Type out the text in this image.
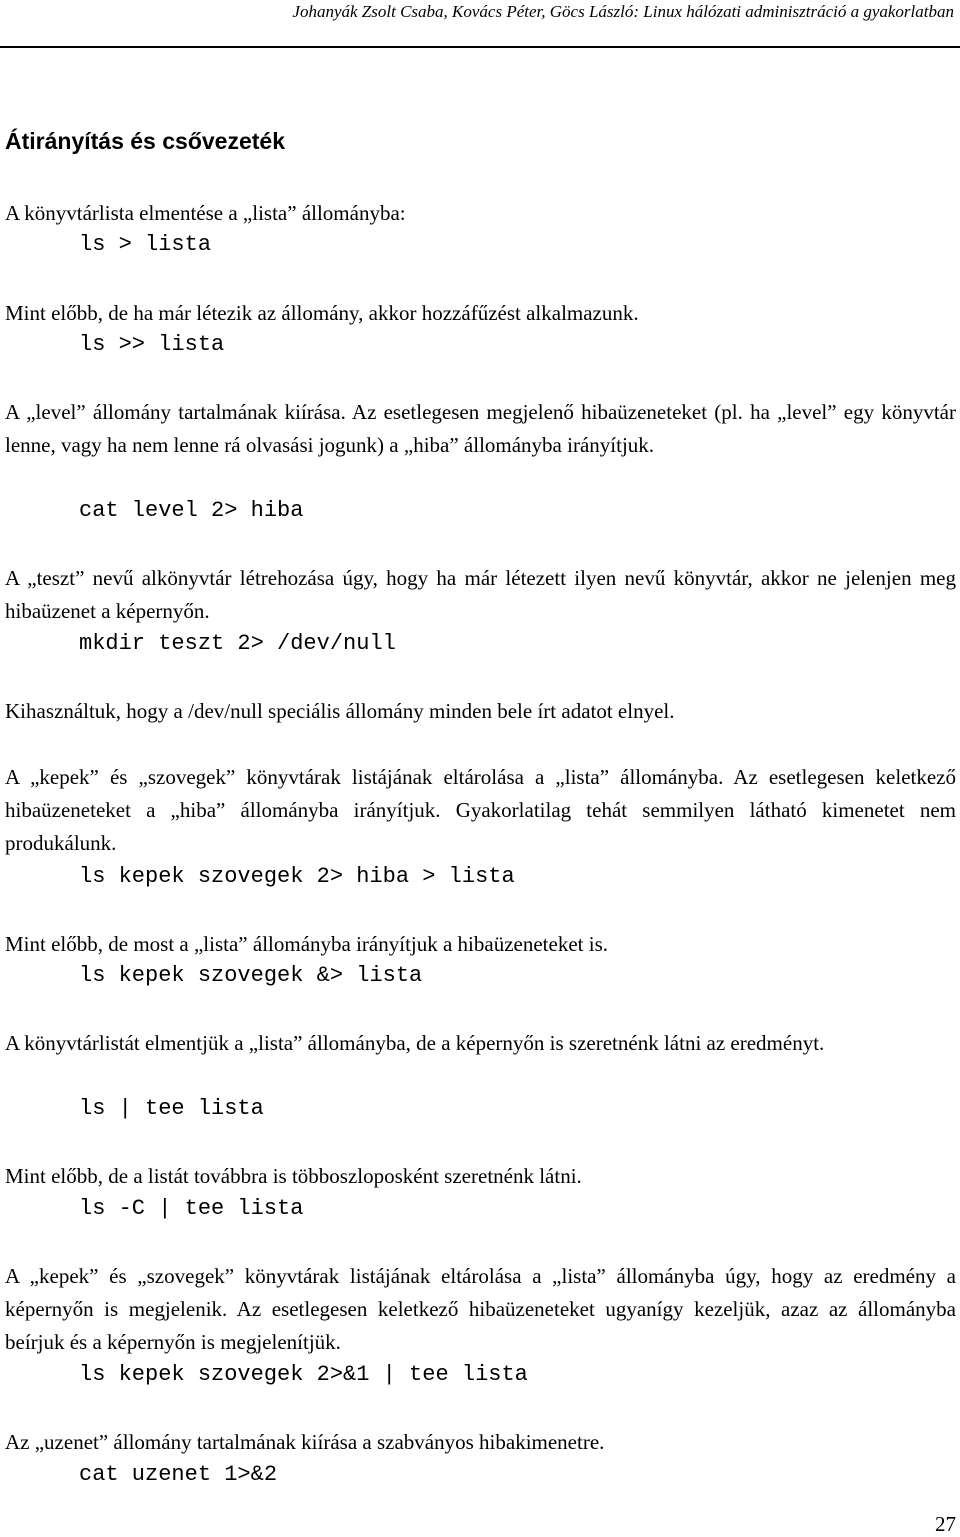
Johanyák Zsolt Csaba, Kovács Péter, Göcs László: Linux hálózati adminisztráció a gyakorlatban
Átirányítás és csővezeték

A könyvtárlista elmentése a „lista” állományba:

ls > lista

Mint előbb, de ha már létezik az állomány, akkor hozzáfűzést alkalmazunk.

ls >> lista

A „level” állomány tartalmának kiírása. Az esetlegesen megjelenő hibaüzeneteket (pl. ha „level” egy könyvtár lenne, vagy ha nem lenne rá olvasási jogunk) a „hiba” állományba irányítjuk.

cat level 2> hiba

A „teszt” nevű alkönyvtár létrehozása úgy, hogy ha már létezett ilyen nevű könyvtár, akkor ne jelenjen meg hibaüzenet a képernyőn.

mkdir teszt 2> /dev/null

Kihasználtuk, hogy a /dev/null speciális állomány minden bele írt adatot elnyel.

A „kepek” és „szovegek” könyvtárak listájának eltárolása a „lista” állományba. Az esetlegesen keletkező hibaüzeneteket a „hiba” állományba irányítjuk. Gyakorlatilag tehát semmilyen látható kimenetet nem produkálunk.

ls kepek szovegek 2> hiba > lista

Mint előbb, de most a „lista” állományba irányítjuk a hibaüzeneteket is.

ls kepek szovegek &> lista

A könyvtárlistát elmentjük a „lista” állományba, de a képernyőn is szeretnénk látni az eredményt.

ls | tee lista

Mint előbb, de a listát továbbra is többoszloposként szeretnénk látni.

ls -C | tee lista

A „kepek” és „szovegek” könyvtárak listájának eltárolása a „lista” állományba úgy, hogy az eredmény a képernyőn is megjelenik. Az esetlegesen keletkező hibaüzeneteket ugyanígy kezeljük, azaz az állományba beírjuk és a képernyőn is megjelenítjük.

ls kepek szovegek 2>&1 | tee lista

Az „uzenet” állomány tartalmának kiírása a szabványos hibakimenetre.

cat uzenet 1>&2
27
